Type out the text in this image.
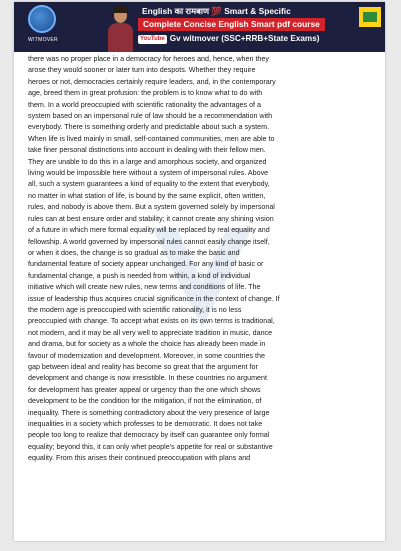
WITMOVER
English का रामबाण 💯 Smart & Specific
Complete Concise English Smart pdf course
YouTube Gv witmover (SSC+RRB+State Exams)
there was no proper place in a democracy for heroes and, hence, when they
arose they would sooner or later turn into despots. Whether they require
heroes or not, democracies certainly require leaders, and, in the contemporary
age, breed them in great profusion: the problem is to know what to do with
them. In a world preoccupied with scientific rationality the advantages of a
system based on an impersonal rule of law should be a recommendation with
everybody. There is something orderly and predictable about such a system.
When life is lived mainly in small, self-contained communities, men are able to
take finer personal distinctions into account in dealing with their fellow men.
They are unable to do this in a large and amorphous society, and organized
living would be impossible here without a system of impersonal rules. Above
all, such a system guarantees a kind of equality to the extent that everybody,
no matter in what station of life, is bound by the same explicit, often written,
rules, and nobody is above them. But a system governed solely by impersonal
rules can at best ensure order and stability; it cannot create any shining vision
of a future in which mere formal equality will be replaced by real equality and
fellowship. A world governed by impersonal rules cannot easily change itself,
or when it does, the change is so gradual as to make the basic and
fundamental feature of society appear unchanged. For any kind of basic or
fundamental change, a push is needed from within, a kind of individual
initiative which will create new rules, new terms and conditions of life. The
issue of leadership thus acquires crucial significance in the context of change. If
the modern age is preoccupied with scientific rationality, it is no less
preoccupied with change. To accept what exists on its own terms is traditional,
not modern, and it may be all very well to appreciate tradition in music, dance
and drama, but for society as a whole the choice has already been made in
favour of modernization and development. Moreover, in some countries the
gap between ideal and reality has become so great that the argument for
development and change is now irresistible. In these countries no argument
for development has greater appeal or urgency than the one which shows
development to be the condition for the mitigation, if not the elimination, of
inequality. There is something contradictory about the very presence of large
inequalities in a society which professes to be democratic. It does not take
people too long to realize that democracy by itself can guarantee only formal
equality; beyond this, it can only whet people's appetite for real or substantive
equality. From this arises their continued preoccupation with plans and
